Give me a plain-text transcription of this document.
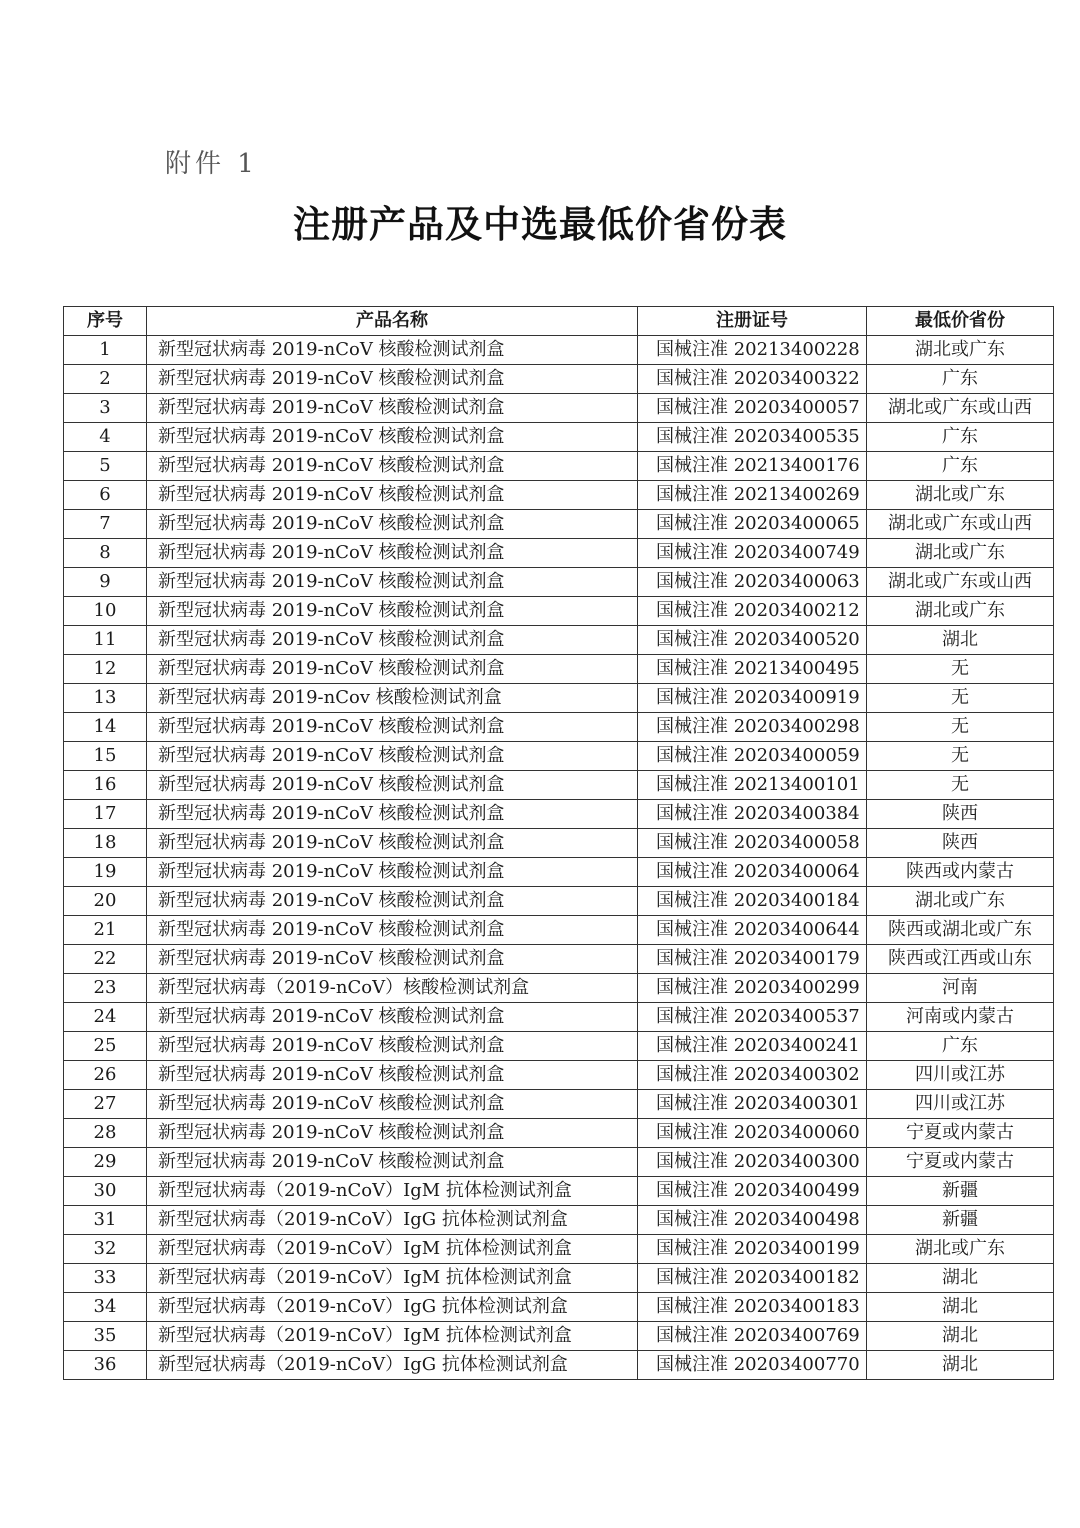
附件 1
注册产品及中选最低价省份表
序号	产品名称	注册证号	最低价省份
1	新型冠状病毒 2019-nCoV 核酸检测试剂盒	国械注准 20213400228	湖北或广东
2	新型冠状病毒 2019-nCoV 核酸检测试剂盒	国械注准 20203400322	广东
3	新型冠状病毒 2019-nCoV 核酸检测试剂盒	国械注准 20203400057	湖北或广东或山西
4	新型冠状病毒 2019-nCoV 核酸检测试剂盒	国械注准 20203400535	广东
5	新型冠状病毒 2019-nCoV 核酸检测试剂盒	国械注准 20213400176	广东
6	新型冠状病毒 2019-nCoV 核酸检测试剂盒	国械注准 20213400269	湖北或广东
7	新型冠状病毒 2019-nCoV 核酸检测试剂盒	国械注准 20203400065	湖北或广东或山西
8	新型冠状病毒 2019-nCoV 核酸检测试剂盒	国械注准 20203400749	湖北或广东
9	新型冠状病毒 2019-nCoV 核酸检测试剂盒	国械注准 20203400063	湖北或广东或山西
10	新型冠状病毒 2019-nCoV 核酸检测试剂盒	国械注准 20203400212	湖北或广东
11	新型冠状病毒 2019-nCoV 核酸检测试剂盒	国械注准 20203400520	湖北
12	新型冠状病毒 2019-nCoV 核酸检测试剂盒	国械注准 20213400495	无
13	新型冠状病毒 2019-nCov 核酸检测试剂盒	国械注准 20203400919	无
14	新型冠状病毒 2019-nCoV 核酸检测试剂盒	国械注准 20203400298	无
15	新型冠状病毒 2019-nCoV 核酸检测试剂盒	国械注准 20203400059	无
16	新型冠状病毒 2019-nCoV 核酸检测试剂盒	国械注准 20213400101	无
17	新型冠状病毒 2019-nCoV 核酸检测试剂盒	国械注准 20203400384	陕西
18	新型冠状病毒 2019-nCoV 核酸检测试剂盒	国械注准 20203400058	陕西
19	新型冠状病毒 2019-nCoV 核酸检测试剂盒	国械注准 20203400064	陕西或内蒙古
20	新型冠状病毒 2019-nCoV 核酸检测试剂盒	国械注准 20203400184	湖北或广东
21	新型冠状病毒 2019-nCoV 核酸检测试剂盒	国械注准 20203400644	陕西或湖北或广东
22	新型冠状病毒 2019-nCoV 核酸检测试剂盒	国械注准 20203400179	陕西或江西或山东
23	新型冠状病毒（2019-nCoV）核酸检测试剂盒	国械注准 20203400299	河南
24	新型冠状病毒 2019-nCoV 核酸检测试剂盒	国械注准 20203400537	河南或内蒙古
25	新型冠状病毒 2019-nCoV 核酸检测试剂盒	国械注准 20203400241	广东
26	新型冠状病毒 2019-nCoV 核酸检测试剂盒	国械注准 20203400302	四川或江苏
27	新型冠状病毒 2019-nCoV 核酸检测试剂盒	国械注准 20203400301	四川或江苏
28	新型冠状病毒 2019-nCoV 核酸检测试剂盒	国械注准 20203400060	宁夏或内蒙古
29	新型冠状病毒 2019-nCoV 核酸检测试剂盒	国械注准 20203400300	宁夏或内蒙古
30	新型冠状病毒（2019-nCoV）IgM 抗体检测试剂盒	国械注准 20203400499	新疆
31	新型冠状病毒（2019-nCoV）IgG 抗体检测试剂盒	国械注准 20203400498	新疆
32	新型冠状病毒（2019-nCoV）IgM 抗体检测试剂盒	国械注准 20203400199	湖北或广东
33	新型冠状病毒（2019-nCoV）IgM 抗体检测试剂盒	国械注准 20203400182	湖北
34	新型冠状病毒（2019-nCoV）IgG 抗体检测试剂盒	国械注准 20203400183	湖北
35	新型冠状病毒（2019-nCoV）IgM 抗体检测试剂盒	国械注准 20203400769	湖北
36	新型冠状病毒（2019-nCoV）IgG 抗体检测试剂盒	国械注准 20203400770	湖北
